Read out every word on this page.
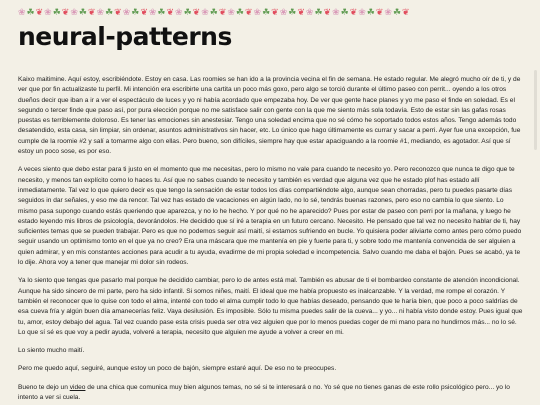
❀ ☘ ❦ ❀ ☘ ❦ ❀ ☘ ❦ ❀ ☘ ❦ ❀ ☘ ❦ ❀ ☘ ❦ ❀ ☘ ❦ ❀ ☘ ❦ ❀ ☘ ❦ ❀ ☘ ❦ ❀ ☘ ❦ ❀ ☘ ❦ ❀ ☘ ❦ ❀ ☘ ❦ ❀ ☘ ❦
neural-patterns

Kaixo maitimine. Aquí estoy, escribiéndote. Estoy en casa. Las roomies se han ido a la provincia vecina el fin de semana. He estado regular. Me alegró mucho oír de ti, y de ver que por fin actualizaste tu perfil. Mi intención era escribirte una cartita un poco más goxo, pero algo se torció durante el último paseo con perrit... oyendo a los otros dueños decir que iban a ir a ver el espectáculo de luces y yo ni había acordado que empezaba hoy. De ver que gente hace planes y yo me paso el finde en soledad. Es el segundo o tercer finde que paso así, por pura elección porque no me satisface salir con gente con la que me siento más sola todavía. Esto de estar sin las gafas rosas puestas es terriblemente doloroso. Es tener las emociones sin anestesiar. Tengo una soledad encima que no sé cómo he soportado todos estos años. Tengo además todo desatendido, esta casa, sin limpiar, sin ordenar, asuntos administrativos sin hacer, etc. Lo único que hago últimamente es currar y sacar a perri. Ayer fue una excepción, fue cumple de la roomie #2 y salí a tomarme algo con ellas. Pero bueno, son difíciles, siempre hay que estar apaciguando a la roomie #1, mediando, es agotador. Así que sí estoy un poco sose, es por eso.

A veces siento que debo estar para ti justo en el momento que me necesitas, pero lo mismo no vale para cuando te necesito yo. Pero reconozco que nunca te digo que te necesito, y menos tan explícito como lo haces tu. Así que no sabes cuando te necesito y también es verdad que alguna vez que he estado plof has estado allí inmediatamente. Tal vez lo que quiero decir es que tengo la sensación de estar todos los días compartiéndote algo, aunque sean chorradas, pero tu puedes pasarte días seguidos in dar señales, y eso me da rencor. Tal vez has estado de vacaciones en algún lado, no lo sé, tendrás buenas razones, pero eso no cambia lo que siento. Lo mismo pasa supongo cuando estás queriendo que aparezca, y no lo he hecho. Y por qué no he aparecido? Pues por estar de paseo con perri por la mañana, y luego he estado leyendo mis libros de psicología, devorándolos. He decidido que sí iré a terapia en un futuro cercano. Necesito. He pensado que tal vez no necesito hablar de ti, hay suficientes temas que se pueden trabajar. Pero es que no podemos seguir así maití, si estamos sufriendo en bucle. Yo quisiera poder aliviarte como antes pero cómo puedo seguir usando un optimismo tonto en el que ya no creo? Era una máscara que me mantenía en pie y fuerte para ti, y sobre todo me mantenía convencida de ser alguien a quien admirar, y en mis constantes acciones para acudir a tu ayuda, evadirme de mi propia soledad e incompetencia. Salvo cuando me daba el bajón. Pues se acabó, ya te lo dije. Ahora voy a tener que manejar mi dolor sin rodeos.

Ya lo siento que tengas que pasarlo mal porque he decidido cambiar, pero lo de antes está mal. También es abusar de ti el bombardeo constante de atención incondicional. Aunque ha sido sincero de mi parte, pero ha sido infantil. Si somos niñes, maití. El ideal que me había propuesto es inalcanzable. Y la verdad, me rompe el corazón. Y también el reconocer que lo quise con todo el alma, intenté con todo el alma cumplir todo lo que habías deseado, pensando que te haría bien, que poco a poco saldrías de esa cueva fría y algún buen día amanecerías feliz. Vaya desilusión. Es imposible. Sólo tu misma puedes salir de la cueva... y yo... ni había visto donde estoy. Pues igual que tu, amor, estoy debajo del agua. Tal vez cuando pase esta crisis pueda ser otra vez alguien que por lo menos puedas coger de mi mano para no hundirnos más... no lo sé. Lo que sí sé es que voy a pedir ayuda, volveré a terapia, necesito que alguien me ayude a volver a creer en mi.

Lo siento mucho maití.

Pero me quedo aquí, seguiré, aunque estoy un poco de bajón, siempre estaré aquí. De eso no te preocupes.

Bueno te dejo un video de una chica que comunica muy bien algunos temas, no sé si te interesará o no. Yo sé que no tienes ganas de este rollo psicológico pero... yo lo intento a ver si cuela.
